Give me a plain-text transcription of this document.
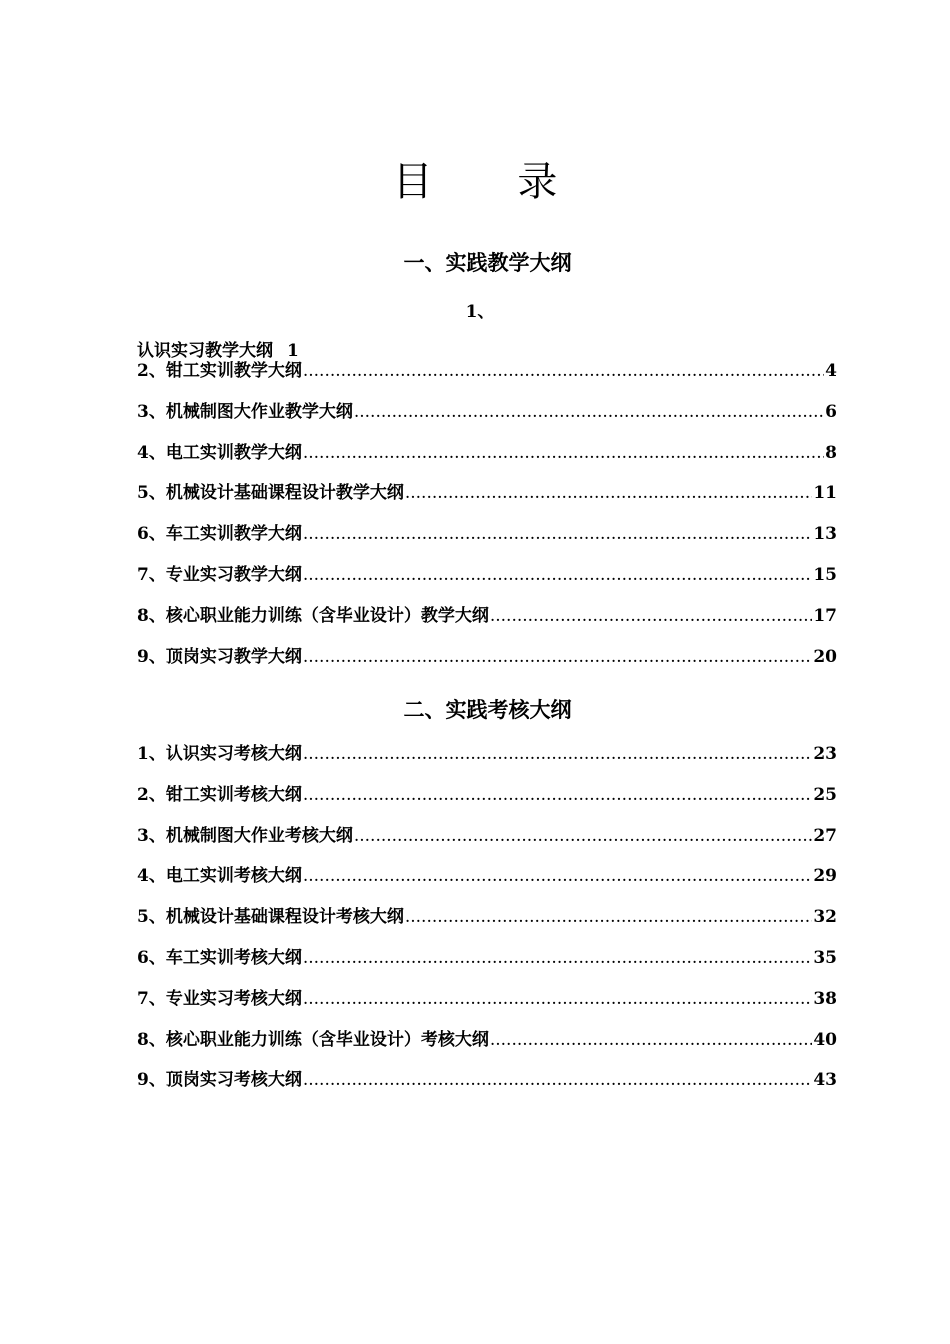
目 录
一、实践教学大纲
1、
认识实习教学大纲 1
2、钳工实训教学大纲 .....	4
3、机械制图大作业教学大纲 .....	6
4、电工实训教学大纲 .....	8
5、机械设计基础课程设计教学大纲 .....	11
6、车工实训教学大纲 .....	13
7、专业实习教学大纲 .....	15
8、核心职业能力训练（含毕业设计）教学大纲 .....	17
9、顶岗实习教学大纲 .....	20
二、实践考核大纲
1、认识实习考核大纲 .....	23
2、钳工实训考核大纲 .....	25
3、机械制图大作业考核大纲 .....	27
4、电工实训考核大纲 .....	29
5、机械设计基础课程设计考核大纲 .....	32
6、车工实训考核大纲 .....	35
7、专业实习考核大纲 .....	38
8、核心职业能力训练（含毕业设计）考核大纲 .....	40
9、顶岗实习考核大纲 .....	43
